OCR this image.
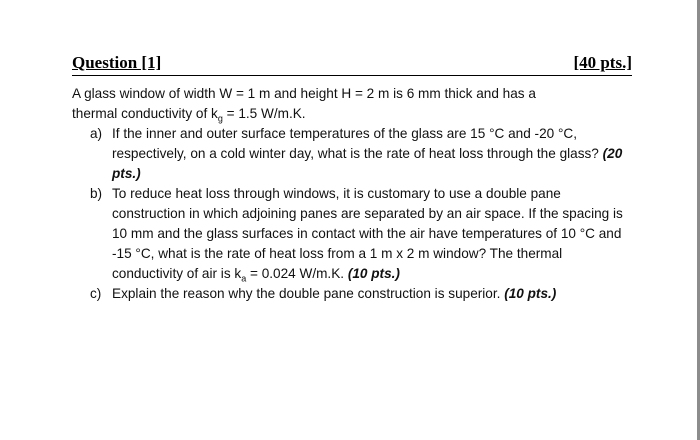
Question [1]	[40 pts.]

A glass window of width W = 1 m and height H = 2 m is 6 mm thick and has a
thermal conductivity of $k_g = 1.5$ W/m.K.

a) If the inner and outer surface temperatures of the glass are 15 °C and -20 °C, respectively, on a cold winter day, what is the rate of heat loss through the glass? (20 pts.)

b) To reduce heat loss through windows, it is customary to use a double pane construction in which adjoining panes are separated by an air space. If the spacing is 10 mm and the glass surfaces in contact with the air have temperatures of 10 °C and -15 °C, what is the rate of heat loss from a 1 m x 2 m window? The thermal conductivity of air is $k_a = 0.024$ W/m.K. (10 pts.)

c) Explain the reason why the double pane construction is superior. (10 pts.)
